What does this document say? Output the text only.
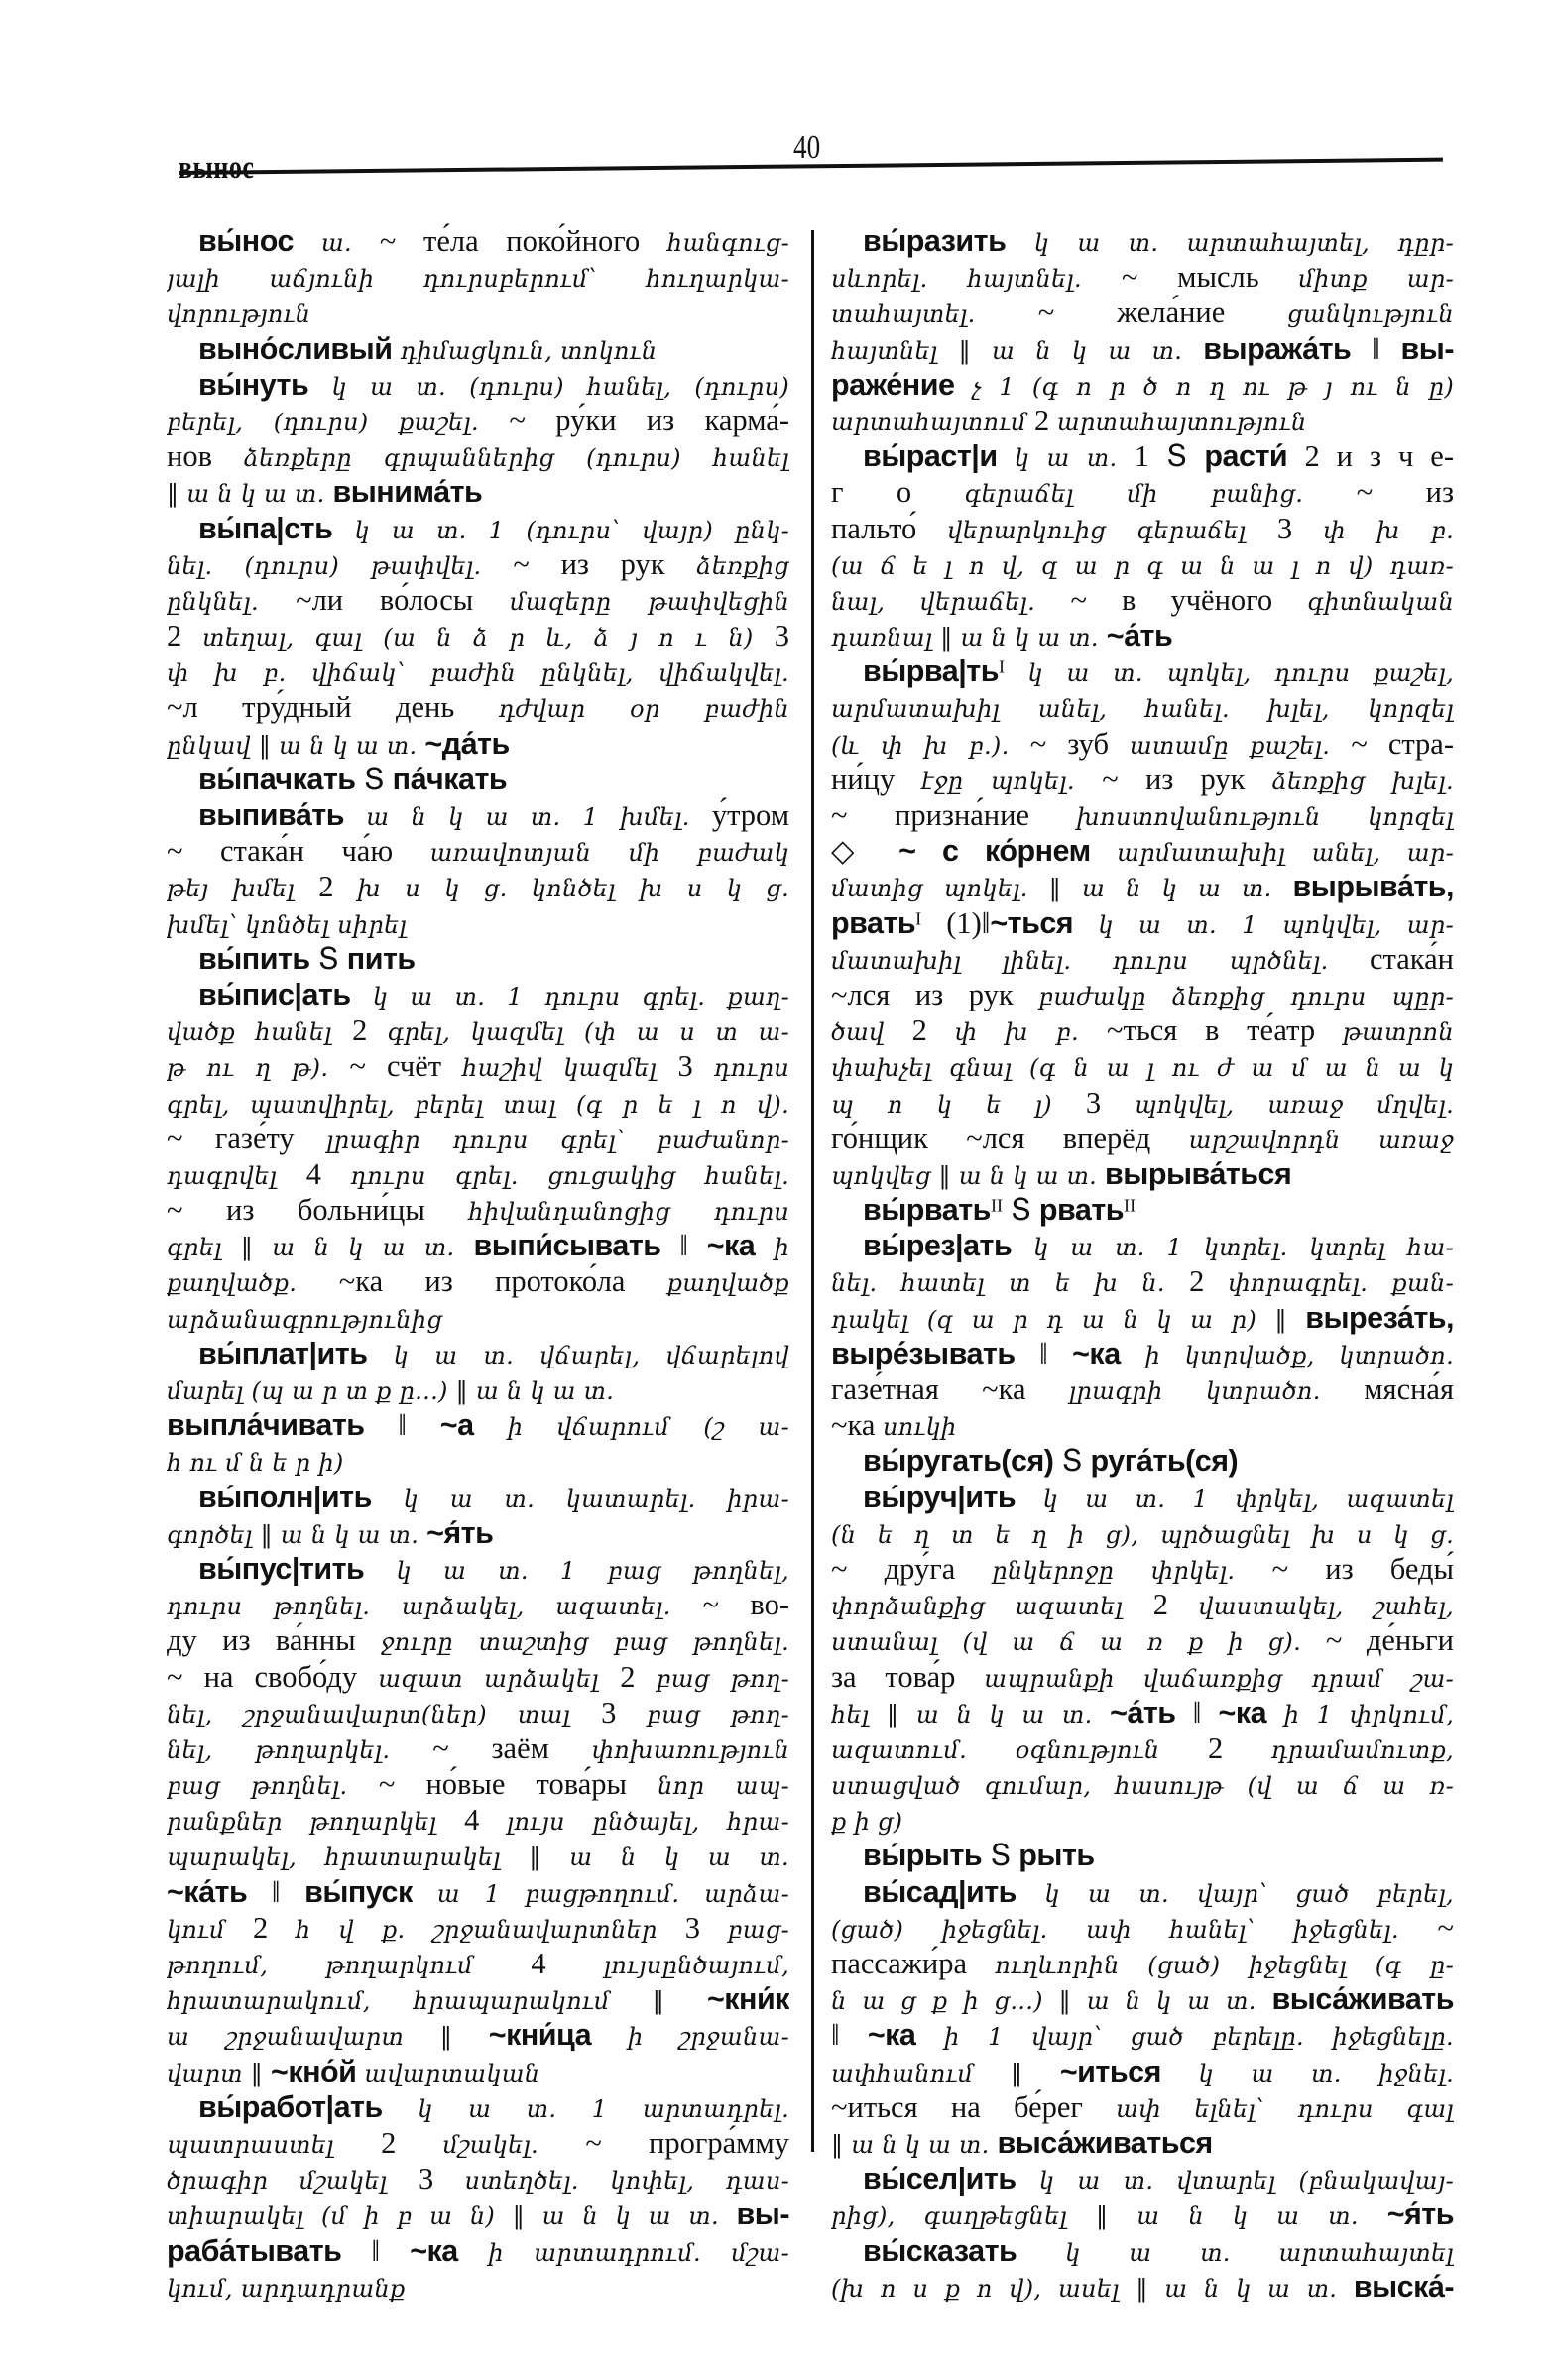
вынос
40
вы́нос ա. ~ те́ла поко́йного հանգուց-
յալի աճյունի դուրսբերում՝ հուղարկա-
վորություն
выно́сливый դիմացկուն, տոկուն
вы́нуть կ ա տ. (դուրս) հանել, (դուրս)
բերել, (դուրս) քաշել. ~ ру́ки из карма́-
нов ձեռքերը գրպաններից (դուրս) հանել
‖ ա ն կ ա տ. вынима́ть
вы́па|сть կ ա տ. 1 (դուրս՝ վայր) ընկ-
նել. (դուրս) թափվել. ~ из рук ձեռքից
ընկնել. ~ли во́лосы մազերը թափվեցին
2 տեղալ, գալ (ա ն ձ ր և, ձ յ ո ւ ն) 3
փ խ բ. վիճակ՝ բաժին ընկնել, վիճակվել.
~л тру́дный день դժվար օր բաժին
ընկավ ‖ ա ն կ ա տ. ~да́ть
вы́пачкать Տ па́чкать
выпива́ть ա ն կ ա տ. 1 խմել. у́тром
~ стака́н ча́ю առավոտյան մի բաժակ
թեյ խմել 2 խ ս կ ց. կոնծել խ ս կ ց.
խմել՝ կոնծել սիրել
вы́пить Տ пить
вы́пис|ать կ ա տ. 1 դուրս գրել. քաղ-
վածք հանել 2 գրել, կազմել (փ ա ս տ ա-
թ ու ղ թ). ~ счёт հաշիվ կազմել 3 դուրս
գրել, պատվիրել, բերել տալ (գ ր ե լ ո վ).
~ газе́ту լրագիր դուրս գրել՝ բաժանոր-
դագրվել 4 դուրս գրել. ցուցակից հանել.
~ из больни́цы հիվանդանոցից դուրս
գրել ‖ ա ն կ ա տ. выпи́сывать ‖ ~ка ի
քաղվածք. ~ка из протоко́ла քաղվածք
արձանագրությունից
вы́плат|ить կ ա տ. վճարել, վճարելով
մարել (պ ա ր տ ք ը...) ‖ ա ն կ ա տ.
выпла́чивать ‖ ~а ի վճարում (շ ա-
հ ու մ ն ե ր ի)
вы́полн|ить կ ա տ. կատարել. իրա-
գործել ‖ ա ն կ ա տ. ~я́ть
вы́пус|тить կ ա տ. 1 բաց թողնել,
դուրս թողնել. արձակել, ազատել. ~ во-
ду из ва́нны ջուրը տաշտից բաց թողնել.
~ на свобо́ду ազատ արձակել 2 բաց թող-
նել, շրջանավարտ(ներ) տալ 3 բաց թող-
նել, թողարկել. ~ заём փոխառություն
բաց թողնել. ~ но́вые това́ры նոր ապ-
րանքներ թողարկել 4 լույս ընծայել, հրա-
պարակել, հրատարակել ‖ ա ն կ ա տ.
~ка́ть ‖ вы́пуск ա 1 բացթողում. արձա-
կում 2 հ վ ք. շրջանավարտներ 3 բաց-
թողում, թողարկում 4 լույսընծայում,
հրատարակում, հրապարակում ‖ ~кни́к
ա շրջանավարտ ‖ ~кни́ца ի շրջանա-
վարտ ‖ ~кно́й ավարտական
вы́работ|ать կ ա տ. 1 արտադրել.
պատրաստել 2 մշակել. ~ програ́мму
ծրագիր մշակել 3 ստեղծել. կոփել, դաս-
տիարակել (մ ի բ ա ն) ‖ ա ն կ ա տ. вы-
раба́тывать ‖ ~ка ի արտադրում. մշա-
կում, արդադրանք
вы́разить կ ա տ. արտահայտել, դըր-
սևորել. հայտնել. ~ мысль միտք ար-
տահայտել. ~ жела́ние ցանկություն
հայտնել ‖ ա ն կ ա տ. выража́ть ‖ вы-
раже́ние չ 1 (գ ո ր ծ ո ղ ու թ յ ու ն ը)
արտահայտում 2 արտահայտություն
вы́раст|и կ ա տ. 1 Տ расти́ 2 и з ч е-
г о գերաճել մի բանից. ~ из
пальто́ վերարկուից գերաճել 3 փ խ բ.
(ա ճ ե լ ո վ, զ ա ր գ ա ն ա լ ո վ) դառ-
նալ, վերաճել. ~ в учёного գիտնական
դառնալ ‖ ա ն կ ա տ. ~а́ть
вы́рва|тьᴵ կ ա տ. պոկել, դուրս քաշել,
արմատախիլ անել, հանել. խլել, կորզել
(և փ խ բ.). ~ зуб ատամը քաշել. ~ стра-
ни́цу էջը պոկել. ~ из рук ձեռքից խլել.
~ призна́ние խոստովանություն կորզել
◇ ~ с ко́рнем արմատախիլ անել, ար-
մատից պոկել. ‖ ա ն կ ա տ. вырыва́ть,
рватьᴵ (1)‖~ться կ ա տ. 1 պոկվել, ար-
մատախիլ լինել. դուրս պրծնել. стака́н
~лся из рук բաժակը ձեռքից դուրս պըր-
ծավ 2 փ խ բ. ~ться в те́атр թատրոն
փախչել գնալ (գ ն ա լ ու ժ ա մ ա ն ա կ
պ ո կ ե լ) 3 պոկվել, առաջ մղվել.
го́нщик ~лся вперёд արշավորդն առաջ
պոկվեց ‖ ա ն կ ա տ. вырыва́ться
вы́рватьᴵᴵ Տ рватьᴵᴵ
вы́рез|ать կ ա տ. 1 կտրել. կտրել հա-
նել. հատել տ ե խ ն. 2 փորագրել. քան-
դակել (զ ա ր դ ա ն կ ա ր) ‖ выреза́ть,
выре́зывать ‖ ~ка ի կտրվածք, կտրածո.
газе́тная ~ка լրագրի կտրածո. мясна́я
~ка սուկի
вы́ругать(ся) Տ руга́ть(ся)
вы́руч|ить կ ա տ. 1 փրկել, ազատել
(ն ե ղ տ ե ղ ի ց), պրծացնել խ ս կ ց.
~ дру́га ընկերոջը փրկել. ~ из беды́
փորձանքից ազատել 2 վաստակել, շահել,
ստանալ (վ ա ճ ա ռ ք ի ց). ~ де́ньги
за това́р ապրանքի վաճառքից դրամ շա-
հել ‖ ա ն կ ա տ. ~а́ть ‖ ~ка ի 1 փրկում,
ազատում. օգնություն 2 դրամամուտք,
ստացված գումար, հասույթ (վ ա ճ ա ռ-
ք ի ց)
вы́рыть Տ рыть
вы́сад|ить կ ա տ. վայր՝ ցած բերել,
(ցած) իջեցնել. ափ հանել՝ իջեցնել. ~
пассажи́ра ուղևորին (ցած) իջեցնել (գ ը-
ն ա ց ք ի ց...) ‖ ա ն կ ա տ. выса́живать
‖ ~ка ի 1 վայր՝ ցած բերելը. իջեցնելը.
ափհանում ‖ ~иться կ ա տ. իջնել.
~иться на бе́рег ափ ելնել՝ դուրս գալ
‖ ա ն կ ա տ. выса́живаться
вы́сел|ить կ ա տ. վտարել (բնակավայ-
րից), գաղթեցնել ‖ ա ն կ ա տ. ~я́ть
вы́сказать կ ա տ. արտահայտել
(խ ո ս ք ո վ), ասել ‖ ա ն կ ա տ. выска́-
